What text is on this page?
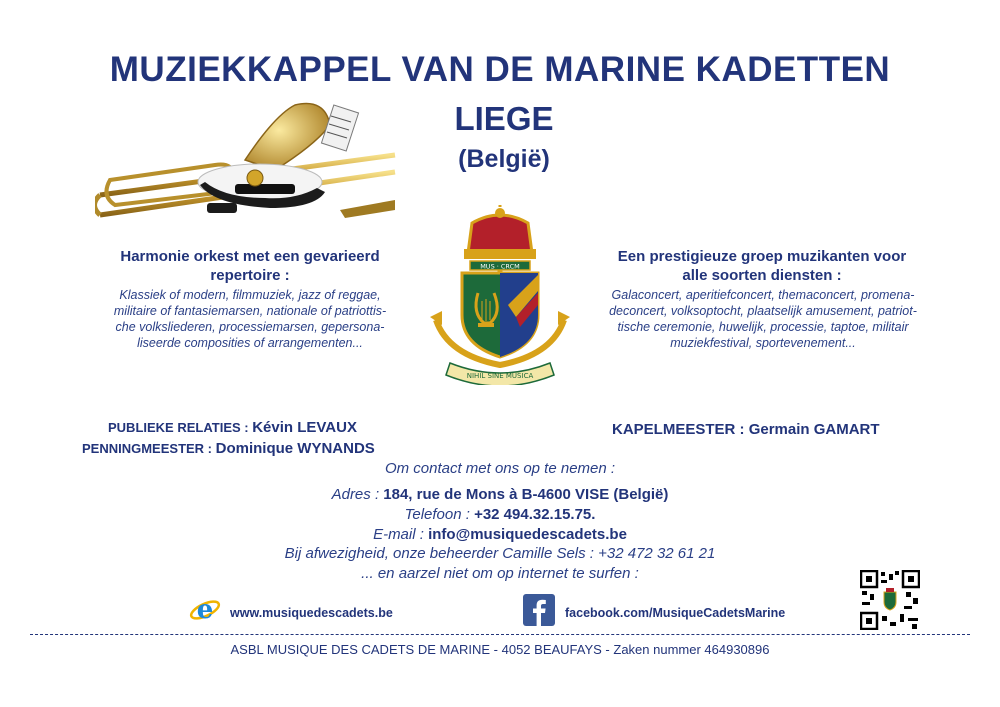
MUZIEKKAPPEL VAN DE MARINE KADETTEN
LIEGE
(België)
MUS · CRCM
NIHIL SINE MUSICA
Harmonie orkest met een gevarieerd
repertoire :
Klassiek of modern, filmmuziek, jazz of reggae,
militaire of fantasiemarsen, nationale of patriottis-
che volksliederen, processiemarsen, gepersona-
liseerde composities of arrangementen...
Een prestigieuze groep muzikanten voor
alle soorten diensten :
Galaconcert, aperitiefconcert, themaconcert, promena-
deconcert, volksoptocht, plaatselijk amusement, patriot-
tische ceremonie, huwelijk, processie, taptoe, militair
muziekfestival, sportevenement...
PUBLIEKE RELATIES : Kévin LEVAUX
PENNINGMEESTER : Dominique WYNANDS
KAPELMEESTER : Germain GAMART
Om contact met ons op te nemen :
Adres : 184, rue de Mons à B-4600 VISE (België)
Telefoon : +32 494.32.15.75.
E-mail : info@musiquedescadets.be
Bij afwezigheid, onze beheerder Camille Sels : +32 472 32 61 21
... en aarzel niet om op internet te surfen :
e www.musiquedescadets.be	facebook.com/MusiqueCadetsMarine
ASBL MUSIQUE DES CADETS DE MARINE - 4052 BEAUFAYS - Zaken nummer 464930896
